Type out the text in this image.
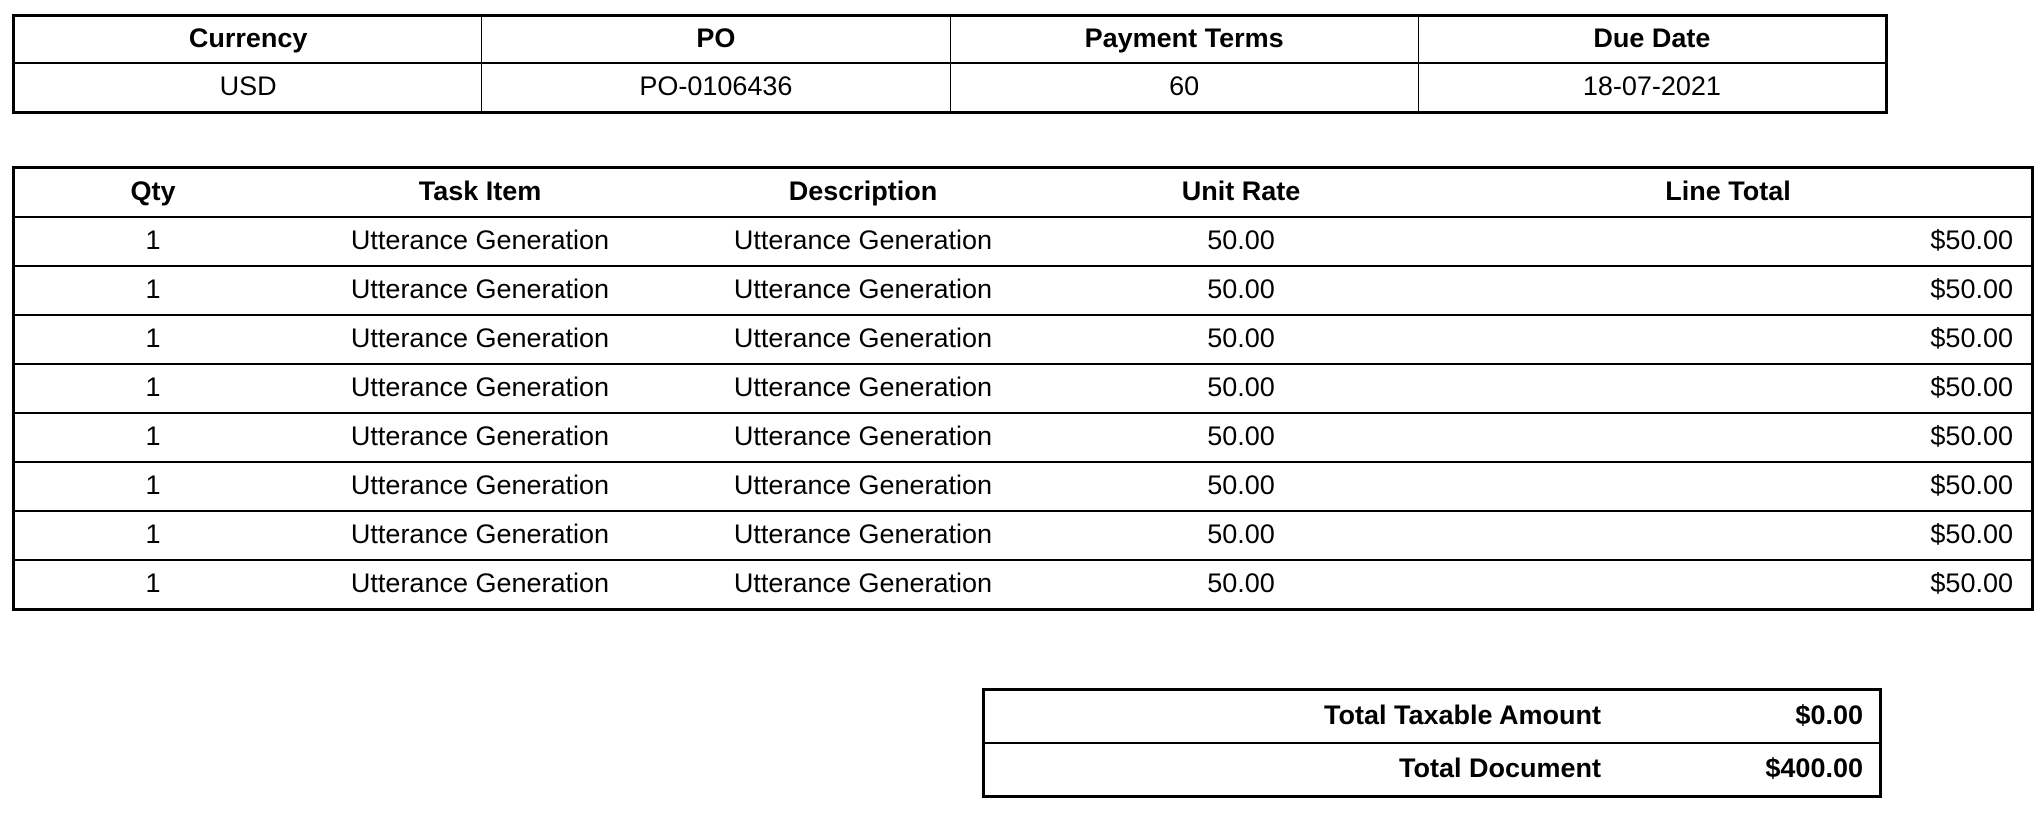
Currency	PO	Payment Terms	Due Date
USD	PO-0106436	60	18-07-2021
Qty	Task Item	Description	Unit Rate	Line Total
1	Utterance Generation	Utterance Generation	50.00	$50.00
1	Utterance Generation	Utterance Generation	50.00	$50.00
1	Utterance Generation	Utterance Generation	50.00	$50.00
1	Utterance Generation	Utterance Generation	50.00	$50.00
1	Utterance Generation	Utterance Generation	50.00	$50.00
1	Utterance Generation	Utterance Generation	50.00	$50.00
1	Utterance Generation	Utterance Generation	50.00	$50.00
1	Utterance Generation	Utterance Generation	50.00	$50.00
Total Taxable Amount	$0.00
Total Document	$400.00
